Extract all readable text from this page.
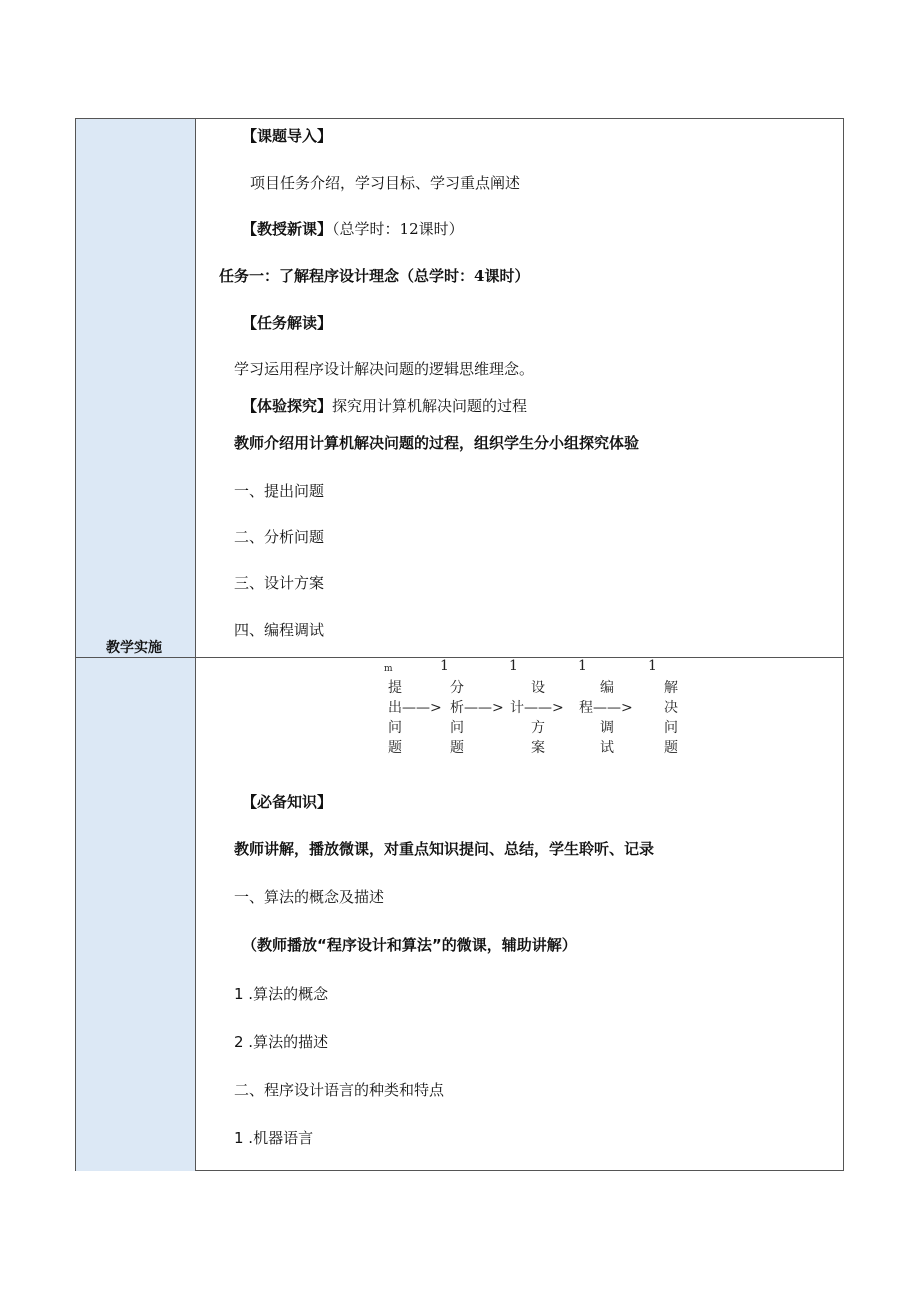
教学实施
【课题导入】
项目任务介绍，学习目标、学习重点阐述
【教授新课】（总学时：12课时）
任务一：了解程序设计理念（总学时：4课时）
【任务解读】
学习运用程序设计解决问题的逻辑思维理念。
【体验探究】探究用计算机解决问题的过程
教师介绍用计算机解决问题的过程，组织学生分小组探究体验
一、提出问题
二、分析问题
三、设计方案
四、编程调试
m	1	1	1	1
提	分	设	编	解
出——> 析——> 计——> 程——> 决
问	问	方	调	问
题	题	案	试	题
【必备知识】
教师讲解，播放微课，对重点知识提问、总结，学生聆听、记录
一、算法的概念及描述
（教师播放“程序设计和算法”的微课，辅助讲解）
1 .算法的概念
2 .算法的描述
二、程序设计语言的种类和特点
1 .机器语言
